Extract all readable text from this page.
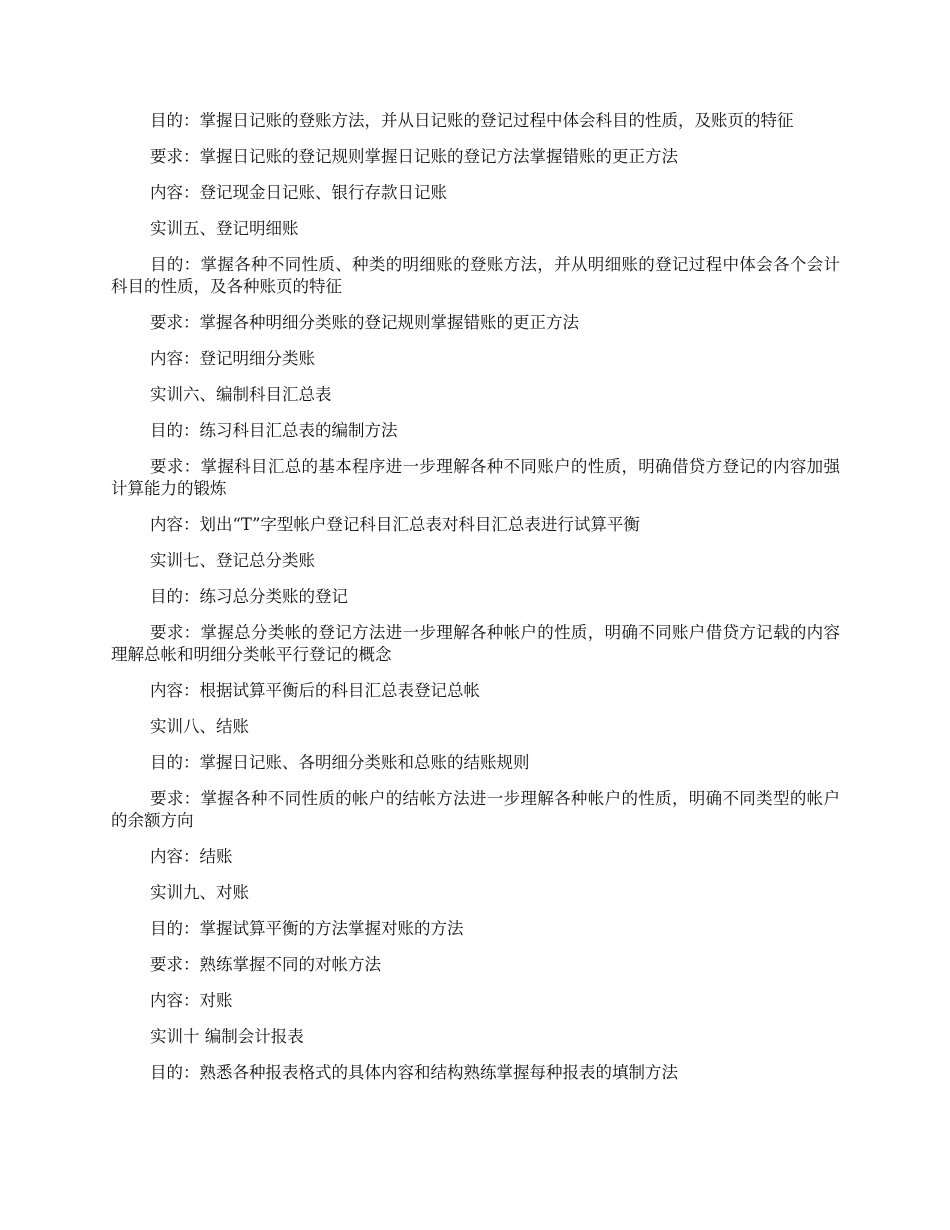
目的：掌握日记账的登账方法，并从日记账的登记过程中体会科目的性质，及账页的特征

要求：掌握日记账的登记规则掌握日记账的登记方法掌握错账的更正方法

内容：登记现金日记账、银行存款日记账

实训五、登记明细账

目的：掌握各种不同性质、种类的明细账的登账方法，并从明细账的登记过程中体会各个会计科目的性质，及各种账页的特征

要求：掌握各种明细分类账的登记规则掌握错账的更正方法

内容：登记明细分类账

实训六、编制科目汇总表

目的：练习科目汇总表的编制方法

要求：掌握科目汇总的基本程序进一步理解各种不同账户的性质，明确借贷方登记的内容加强计算能力的锻炼

内容：划出“T”字型帐户登记科目汇总表对科目汇总表进行试算平衡

实训七、登记总分类账

目的：练习总分类账的登记

要求：掌握总分类帐的登记方法进一步理解各种帐户的性质，明确不同账户借贷方记载的内容理解总帐和明细分类帐平行登记的概念

内容：根据试算平衡后的科目汇总表登记总帐

实训八、结账

目的：掌握日记账、各明细分类账和总账的结账规则

要求：掌握各种不同性质的帐户的结帐方法进一步理解各种帐户的性质，明确不同类型的帐户的余额方向

内容：结账

实训九、对账

目的：掌握试算平衡的方法掌握对账的方法

要求：熟练掌握不同的对帐方法

内容：对账

实训十 编制会计报表

目的：熟悉各种报表格式的具体内容和结构熟练掌握每种报表的填制方法
